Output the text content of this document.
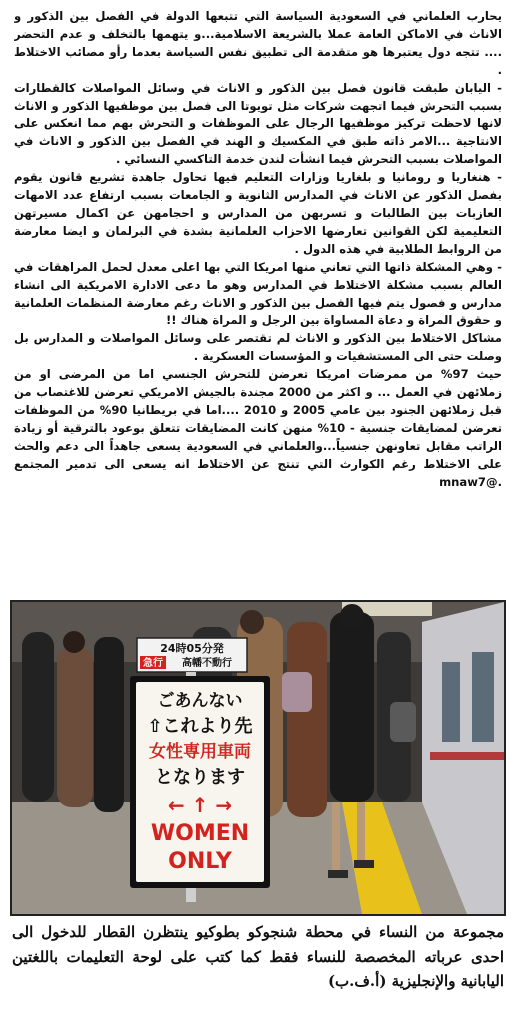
يحارب العلماني في السعودية السياسة التي تتبعها الدولة في الفصل بين الذكور و الاناث في الاماكن العامة عملا بالشريعة الاسلامية...و يتهمها بالتخلف و عدم التحضر .... تتجه دول يعتبرها هو متقدمة الى تطبيق نفس السياسة بعدما رأو مصائب الاختلاط .

- اليابان طبقت قانون فصل بين الذكور و الاناث في وسائل المواصلات كالقطارات بسبب التحرش فيما اتجهت شركات مثل تويوتا الى فصل بين موظفيها الذكور و الاناث لانها لاحظت تركيز موظفيها الرجال على الموظفات و التحرش بهم مما انعكس على الانتاجية ...الامر ذاته طبق في المكسيك و الهند في الفصل بين الذكور و الاناث في المواصلات بسبب التحرش فيما انشأت لندن خدمة التاكسي النسائي .

- هنغاريا و رومانيا و بلغاريا وزارات التعليم فيها تحاول جاهدة تشريع قانون يقوم بفصل الذكور عن الاناث في المدارس الثانوية و الجامعات بسبب ارتفاع عدد الامهات العازبات بين الطالبات و تسربهن من المدارس و احجامهن عن اكمال مسيرتهن التعليمية لكن القوانين تعارضها الاحزاب العلمانية بشدة في البرلمان و ايضا معارضة من الروابط الطلابية في هذه الدول .

- وهي المشكلة ذاتها التي تعاني منها امريكا التي بها اعلى معدل لحمل المراهقات في العالم بسبب مشكلة الاختلاط في المدارس وهو ما دعى الادارة الامريكية الى انشاء مدارس و فصول يتم فيها الفصل بين الذكور و الاناث رغم معارضة المنظمات العلمانية و حقوق المراة و دعاة المساواة بين الرجل و المراة هناك !!

مشاكل الاختلاط بين الذكور و الاناث لم تقتصر على وسائل المواصلات و المدارس بل وصلت حتى الى المستشفيات و المؤسسات العسكرية .

حيث 97% من ممرضات امريكا تعرضن للتحرش الجنسي اما من المرضى او من زملائهن في العمل ... و اكثر من 2000 مجندة بالجيش الامريكي تعرضن للاغتصاب من قبل زملائهن الجنود بين عامي 2005 و 2010 ....اما في بريطانيا 90% من الموظفات تعرضن لمضايقات جنسية - 10% منهن كانت المضايقات تتعلق بوعود بالترقية أو زيادة الراتب مقابل تعاونهن جنسياً...والعلماني في السعودية يسعى جاهداً الى دعم والحث على الاختلاط رغم الكوارث التي تنتج عن الاختلاط انه يسعى الى تدمير المجتمع .@mnaw7

24時05分発
急行 高幡不動行
ごあんない
⇧これより先
女性専用車両
となります
← ↑ →
WOMEN
ONLY
مجموعة من النساء في محطة شنجوكو بطوكيو ينتظرن القطار للدخول الى احدى عرباته المخصصة للنساء فقط كما كتب على لوحة التعليمات باللغتين اليابانية والإنجليزية (أ.ف.ب)
